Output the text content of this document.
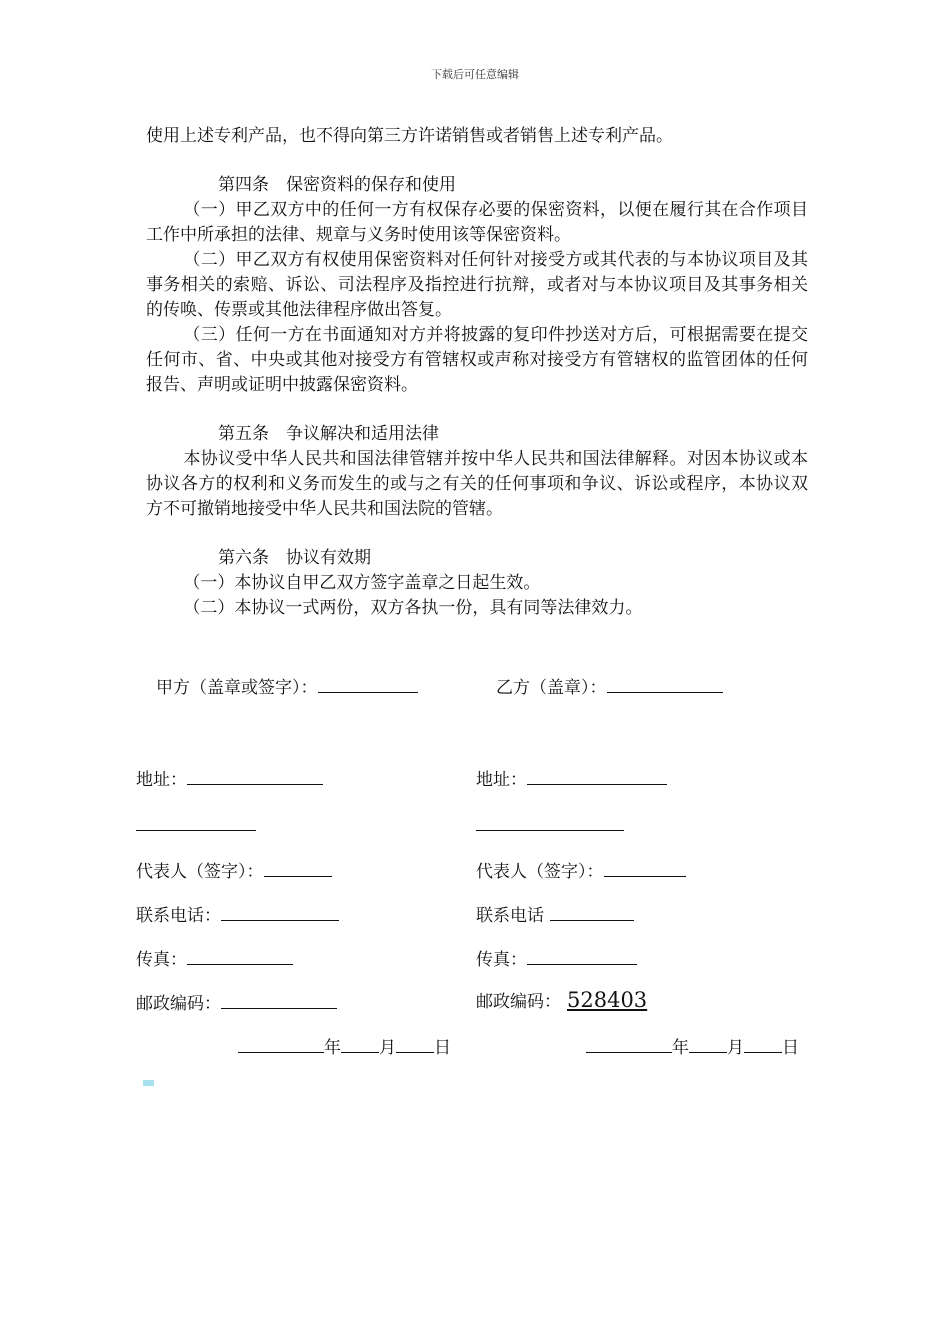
下载后可任意编辑

使用上述专利产品，也不得向第三方许诺销售或者销售上述专利产品。

第四条　保密资料的保存和使用

（一）甲乙双方中的任何一方有权保存必要的保密资料，以便在履行其在合作项目工作中所承担的法律、规章与义务时使用该等保密资料。

（二）甲乙双方有权使用保密资料对任何针对接受方或其代表的与本协议项目及其事务相关的索赔、诉讼、司法程序及指控进行抗辩，或者对与本协议项目及其事务相关的传唤、传票或其他法律程序做出答复。

（三）任何一方在书面通知对方并将披露的复印件抄送对方后，可根据需要在提交任何市、省、中央或其他对接受方有管辖权或声称对接受方有管辖权的监管团体的任何报告、声明或证明中披露保密资料。

第五条　争议解决和适用法律

本协议受中华人民共和国法律管辖并按中华人民共和国法律解释。对因本协议或本协议各方的权利和义务而发生的或与之有关的任何事项和争议、诉讼或程序，本协议双方不可撤销地接受中华人民共和国法院的管辖。

第六条　协议有效期

（一）本协议自甲乙双方签字盖章之日起生效。

（二）本协议一式两份，双方各执一份，具有同等法律效力。

甲方（盖章或签字）：	乙方（盖章）：
地址：	地址：
代表人（签字）：	代表人（签字）：
联系电话：	联系电话
传真：	传真：
邮政编码：	邮政编码： 528403
年 月 日	年 月 日
